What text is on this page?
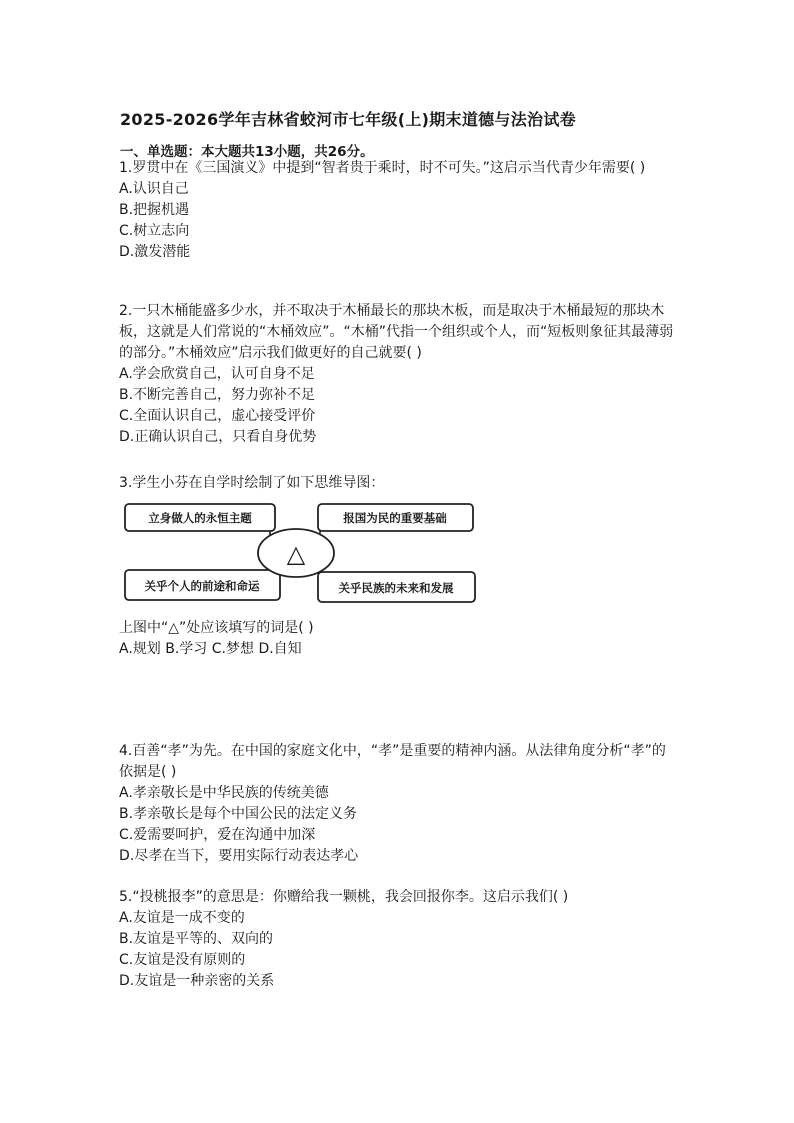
2025-2026学年吉林省蛟河市七年级(上)期末道德与法治试卷
一、单选题：本大题共13小题，共26分。
1.罗贯中在《三国演义》中提到“智者贵于乘时，时不可失。”这启示当代青少年需要( )
A.认识自己
B.把握机遇
C.树立志向
D.激发潜能
2.一只木桶能盛多少水，并不取决于木桶最长的那块木板，而是取决于木桶最短的那块木板，这就是人们常说的“木桶效应”。“木桶”代指一个组织或个人，而“短板则象征其最薄弱的部分。”木桶效应”启示我们做更好的自己就要( )
A.学会欣赏自己，认可自身不足
B.不断完善自己，努力弥补不足
C.全面认识自己，虚心接受评价
D.正确认识自己，只看自身优势
3.学生小芬在自学时绘制了如下思维导图：
立身做人的永恒主题	报国为民的重要基础
关乎个人的前途和命运	关乎民族的未来和发展
△
上图中“△”处应该填写的词是( )
A.规划 B.学习 C.梦想 D.自知
4.百善“孝”为先。在中国的家庭文化中，“孝”是重要的精神内涵。从法律角度分析“孝”的依据是( )
A.孝亲敬长是中华民族的传统美德
B.孝亲敬长是每个中国公民的法定义务
C.爱需要呵护，爱在沟通中加深
D.尽孝在当下，要用实际行动表达孝心
5.“投桃报李”的意思是：你赠给我一颗桃，我会回报你李。这启示我们( )
A.友谊是一成不变的
B.友谊是平等的、双向的
C.友谊是没有原则的
D.友谊是一种亲密的关系
